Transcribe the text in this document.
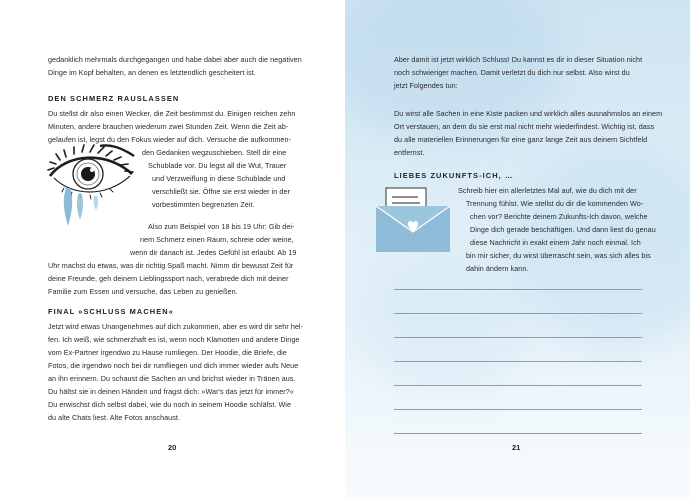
gedanklich mehrmals durchgegangen und habe dabei aber auch die negativen

Dinge im Kopf behalten, an denen es letztendlich gescheitert ist.

DEN SCHMERZ RAUSLASSEN

Du stellst dir also einen Wecker, die Zeit bestimmst du. Einigen reichen zehn

Minuten, andere brauchen wiederum zwei Stunden Zeit. Wenn die Zeit ab-

gelaufen ist, legst du den Fokus wieder auf dich. Versuche die aufkommen-

den Gedanken wegzuschieben. Stell dir eine

Schublade vor. Du legst all die Wut, Trauer

und Verzweiflung in diese Schublade und

verschließt sie. Öffne sie erst wieder in der

vorbestimmten begrenzten Zeit.

Also zum Beispiel von 18 bis 19 Uhr: Gib dei-

nem Schmerz einen Raum, schreie oder weine,

wenn dir danach ist. Jedes Gefühl ist erlaubt. Ab 19

Uhr machst du etwas, was dir richtig Spaß macht. Nimm dir bewusst Zeit für

deine Freunde, geh deinem Lieblingssport nach, verabrede dich mit deiner

Familie zum Essen und versuche, das Leben zu genießen.

FINAL »SCHLUSS MACHEN«

Jetzt wird etwas Unangenehmes auf dich zukommen, aber es wird dir sehr hel-

fen. Ich weiß, wie schmerzhaft es ist, wenn noch Klamotten und andere Dinge

vom Ex-Partner irgendwo zu Hause rumliegen. Der Hoodie, die Briefe, die

Fotos, die irgendwo noch bei dir rumfliegen und dich immer wieder aufs Neue

an ihn erinnern. Du schaust die Sachen an und brichst wieder in Tränen aus.

Du hältst sie in deinen Händen und fragst dich: »War's das jetzt für immer?«

Du erwischst dich selbst dabei, wie du noch in seinem Hoodie schläfst. Wie

du alte Chats liest. Alte Fotos anschaust.

20

Aber damit ist jetzt wirklich Schluss! Du kannst es dir in dieser Situation nicht

noch schwieriger machen. Damit verletzt du dich nur selbst. Also wirst du

jetzt Folgendes tun:

Du wirst alle Sachen in eine Kiste packen und wirklich alles ausnahmslos an einem

Ort verstauen, an dem du sie erst mal nicht mehr wiederfindest. Wichtig ist, dass

du alle materiellen Erinnerungen für eine ganz lange Zeit aus deinem Sichtfeld

entfernst.

LIEBES ZUKUNFTS-ICH, …

Schreib hier ein allerletztes Mal auf, wie du dich mit der

Trennung fühlst. Wie stellst du dir die kommenden Wo-

chen vor? Berichte deinem Zukunfts-Ich davon, welche

Dinge dich gerade beschäftigen. Und dann liest du genau

diese Nachricht in exakt einem Jahr noch einmal. Ich

bin mir sicher, du wirst überrascht sein, was sich alles bis

dahin ändern kann.

21
